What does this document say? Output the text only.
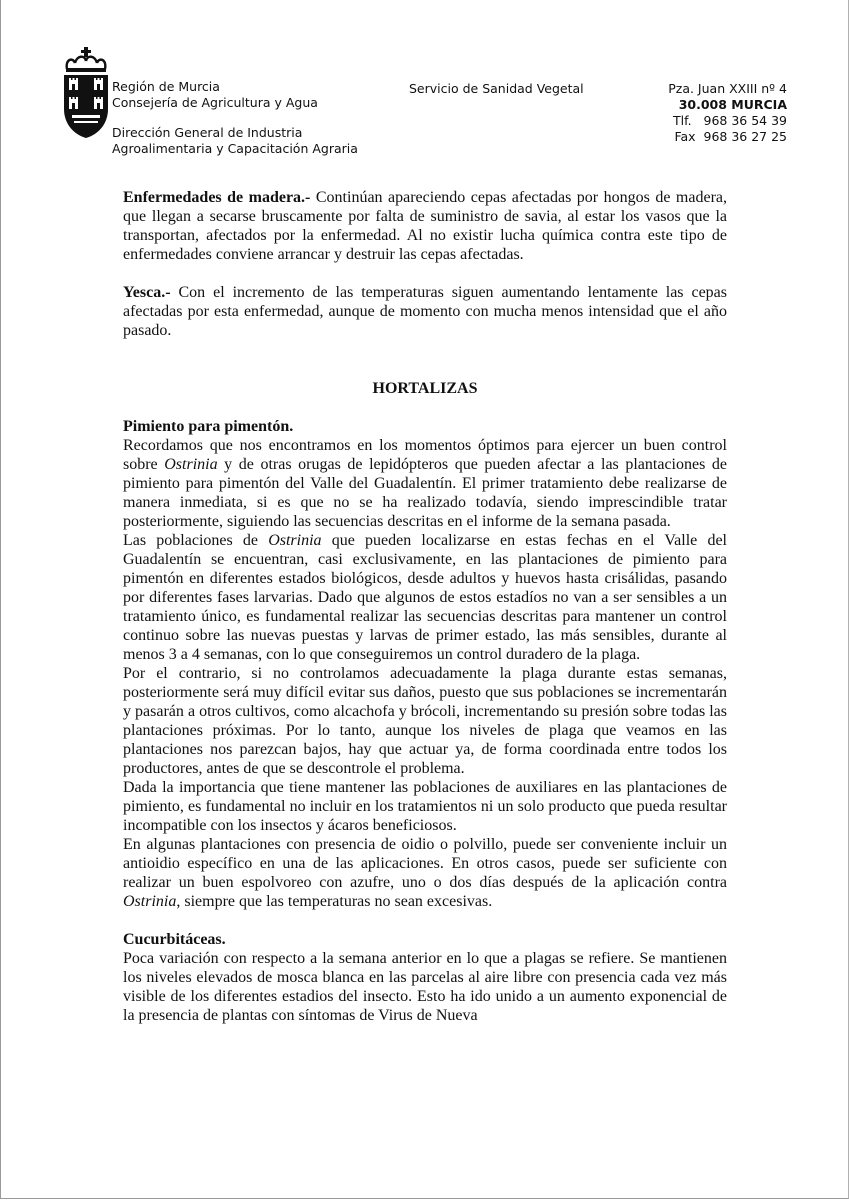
Región de Murcia
Consejería de Agricultura y Agua
Dirección General de Industria
Agroalimentaria y Capacitación Agraria
Servicio de Sanidad Vegetal	Pza. Juan XXIII nº 4
30.008 MURCIA
Tlf.   968 36 54 39
Fax  968 36 27 25

Enfermedades de madera.- Continúan apareciendo cepas afectadas por hongos de madera, que llegan a secarse bruscamente por falta de suministro de savia, al estar los vasos que la transportan, afectados por la enfermedad. Al no existir lucha química contra este tipo de enfermedades conviene arrancar y destruir las cepas afectadas.

Yesca.- Con el incremento de las temperaturas siguen aumentando lentamente las cepas afectadas por esta enfermedad, aunque de momento con mucha menos intensidad que el año pasado.

HORTALIZAS

Pimiento para pimentón.

Recordamos que nos encontramos en los momentos óptimos para ejercer un buen control sobre Ostrinia y de otras orugas de lepidópteros que pueden afectar a las plantaciones de pimiento para pimentón del Valle del Guadalentín. El primer tratamiento debe realizarse de manera inmediata, si es que no se ha realizado todavía, siendo imprescindible tratar posteriormente, siguiendo las secuencias descritas en el informe de la semana pasada.

Las poblaciones de Ostrinia que pueden localizarse en estas fechas en el Valle del Guadalentín se encuentran, casi exclusivamente, en las plantaciones de pimiento para pimentón en diferentes estados biológicos, desde adultos y huevos hasta crisálidas, pasando por diferentes fases larvarias. Dado que algunos de estos estadíos no van a ser sensibles a un tratamiento único, es fundamental realizar las secuencias descritas para mantener un control continuo sobre las nuevas puestas y larvas de primer estado, las más sensibles, durante al menos 3 a 4 semanas, con lo que conseguiremos un control duradero de la plaga.

Por el contrario, si no controlamos adecuadamente la plaga durante estas semanas, posteriormente será muy difícil evitar sus daños, puesto que sus poblaciones se incrementarán y pasarán a otros cultivos, como alcachofa y brócoli, incrementando su presión sobre todas las plantaciones próximas. Por lo tanto, aunque los niveles de plaga que veamos en las plantaciones nos parezcan bajos, hay que actuar ya, de forma coordinada entre todos los productores, antes de que se descontrole el problema.

Dada la importancia que tiene mantener las poblaciones de auxiliares en las plantaciones de pimiento, es fundamental no incluir en los tratamientos ni un solo producto que pueda resultar incompatible con los insectos y ácaros beneficiosos.

En algunas plantaciones con presencia de oidio o polvillo, puede ser conveniente incluir un antioidio específico en una de las aplicaciones. En otros casos, puede ser suficiente con realizar un buen espolvoreo con azufre, uno o dos días después de la aplicación contra Ostrinia, siempre que las temperaturas no sean excesivas.

Cucurbitáceas.

Poca variación con respecto a la semana anterior en lo que a plagas se refiere. Se mantienen los niveles elevados de mosca blanca en las parcelas al aire libre con presencia cada vez más visible de los diferentes estadios del insecto. Esto ha ido unido a un aumento exponencial de la presencia de plantas con síntomas de Virus de Nueva
